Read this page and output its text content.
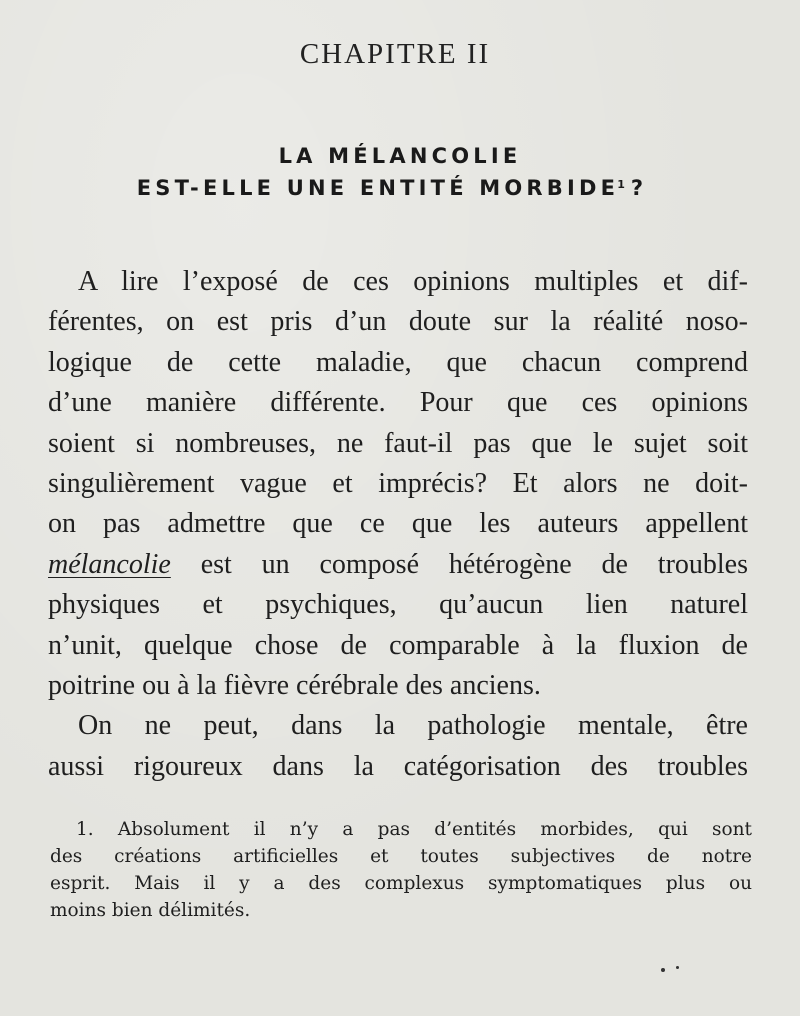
CHAPITRE II
LA MÉLANCOLIE
EST-ELLE UNE ENTITÉ MORBIDE$^1$ ?
A lire l’exposé de ces opinions multiples et dif-
férentes, on est pris d’un doute sur la réalité noso-
logique de cette maladie, que chacun comprend
d’une manière différente. Pour que ces opinions
soient si nombreuses, ne faut-il pas que le sujet soit
singulièrement vague et imprécis? Et alors ne doit-
on pas admettre que ce que les auteurs appellent
mélancolie est un composé hétérogène de troubles
physiques et psychiques, qu’aucun lien naturel
n’unit, quelque chose de comparable à la fluxion de
poitrine ou à la fièvre cérébrale des anciens.
On ne peut, dans la pathologie mentale, être
aussi rigoureux dans la catégorisation des troubles
1. Absolument il n’y a pas d’entités morbides, qui sont
des créations artificielles et toutes subjectives de notre
esprit. Mais il y a des complexus symptomatiques plus ou
moins bien délimités.
